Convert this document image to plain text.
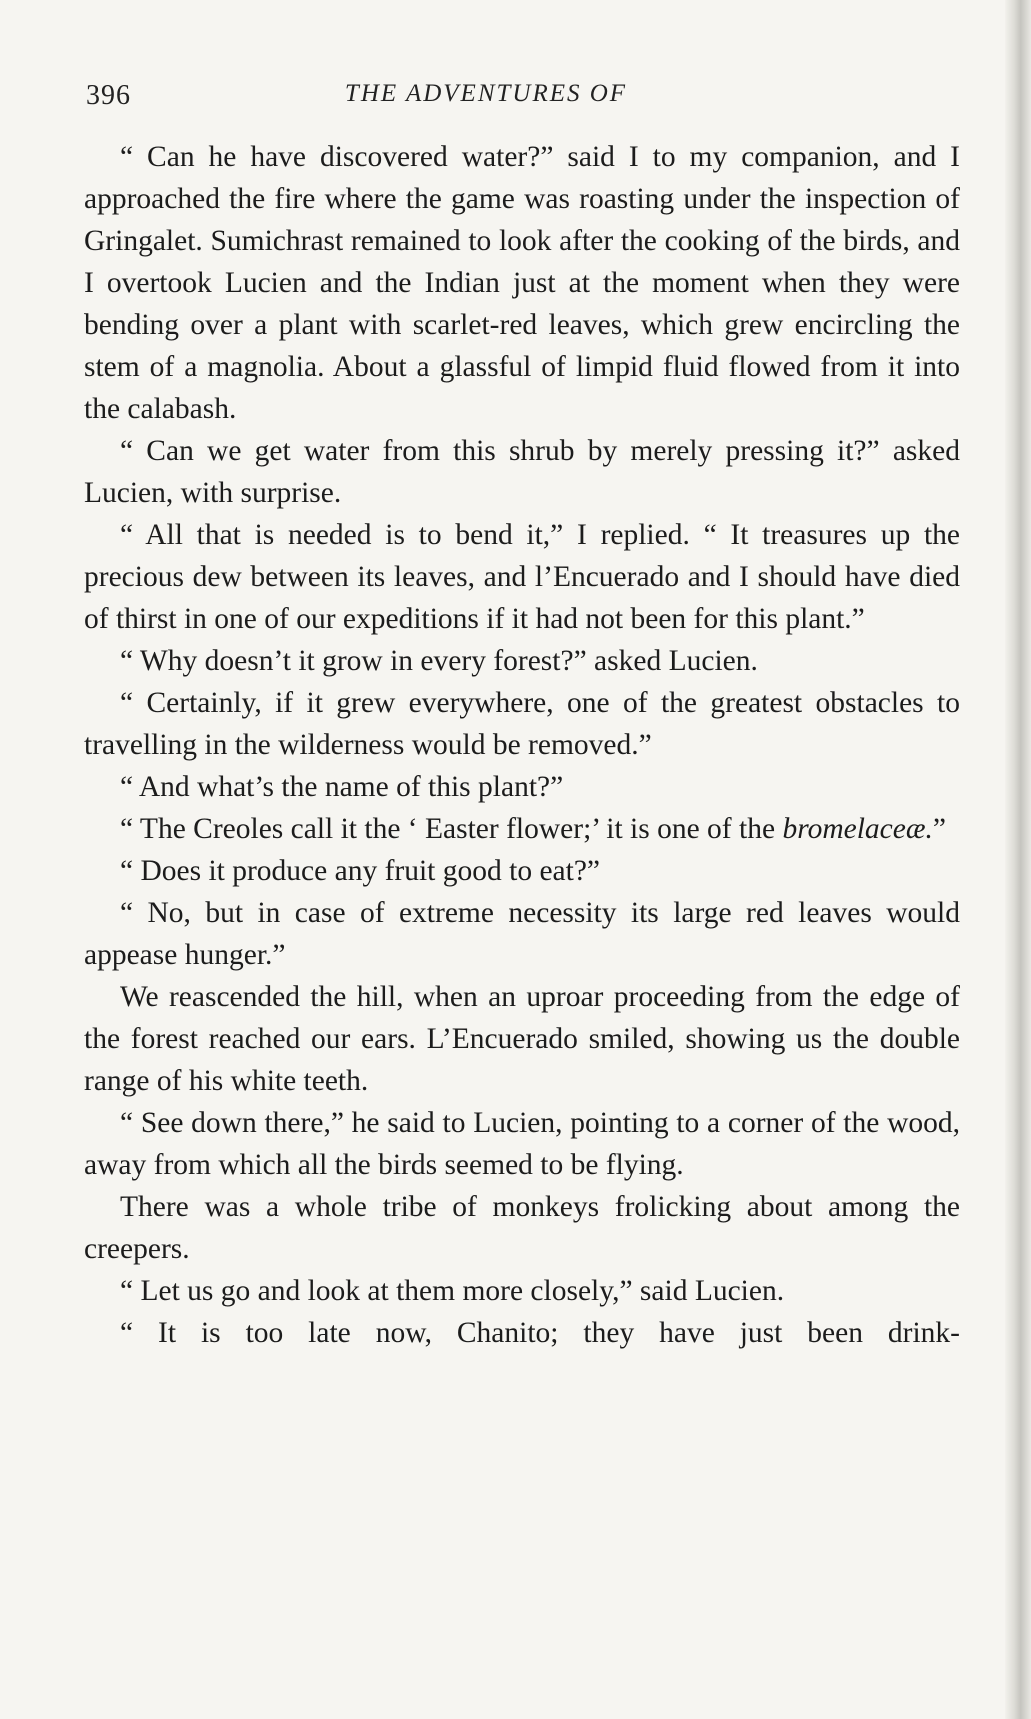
396	THE ADVENTURES OF

“ Can he have discovered water?” said I to my companion, and I approached the fire where the game was roasting under the inspection of Gringalet. Sumichrast remained to look after the cooking of the birds, and I overtook Lucien and the Indian just at the moment when they were bending over a plant with scarlet-red leaves, which grew encircling the stem of a magnolia. About a glassful of limpid fluid flowed from it into the calabash.

“ Can we get water from this shrub by merely pressing it?” asked Lucien, with surprise.

“ All that is needed is to bend it,” I replied. “ It treasures up the precious dew between its leaves, and l’Encuerado and I should have died of thirst in one of our expeditions if it had not been for this plant.”

“ Why doesn’t it grow in every forest?” asked Lucien.

“ Certainly, if it grew everywhere, one of the greatest obstacles to travelling in the wilderness would be removed.”

“ And what’s the name of this plant?”

“ The Creoles call it the ‘ Easter flower;’ it is one of the bromelaceæ.”

“ Does it produce any fruit good to eat?”

“ No, but in case of extreme necessity its large red leaves would appease hunger.”

We reascended the hill, when an uproar proceeding from the edge of the forest reached our ears. L’Encuerado smiled, showing us the double range of his white teeth.

“ See down there,” he said to Lucien, pointing to a corner of the wood, away from which all the birds seemed to be flying.

There was a whole tribe of monkeys frolicking about among the creepers.

“ Let us go and look at them more closely,” said Lucien.

“ It is too late now, Chanito; they have just been drink-
